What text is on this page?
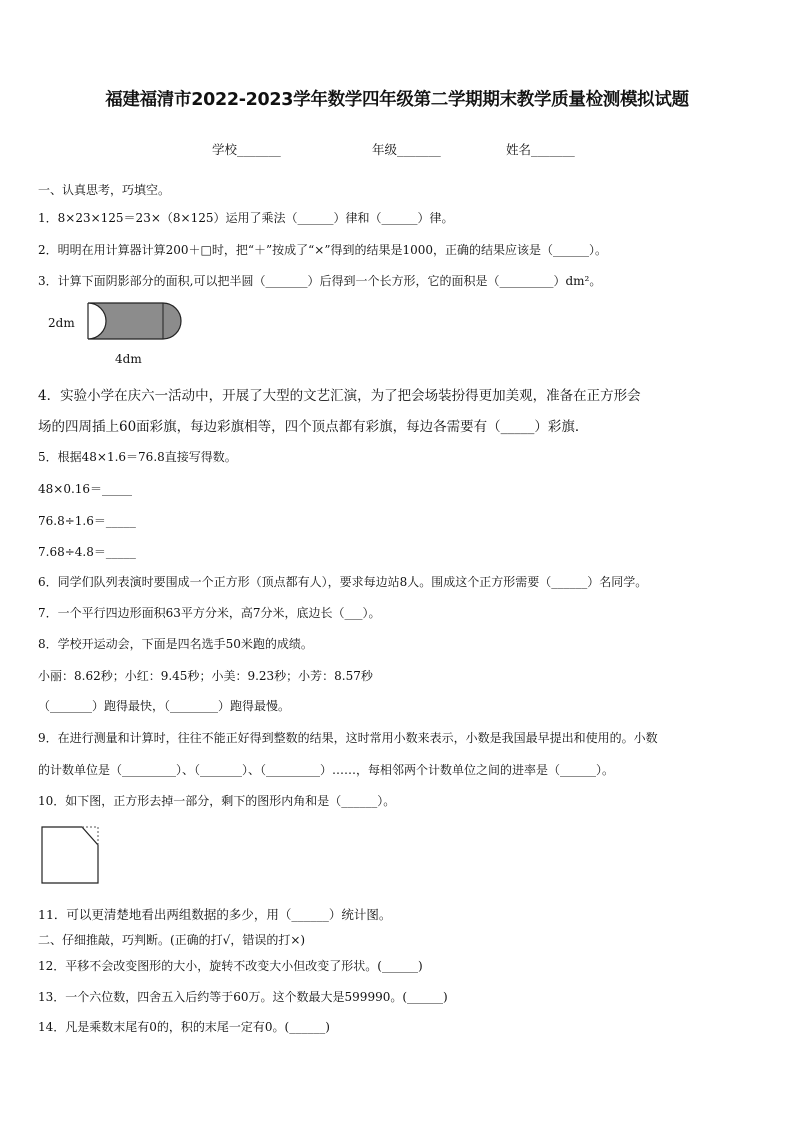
福建福清市2022-2023学年数学四年级第二学期期末教学质量检测模拟试题
学校_______	年级_______	姓名_______
一、认真思考，巧填空。
1．8×23×125＝23×（8×125）运用了乘法（______）律和（______）律。
2．明明在用计算器计算200＋□时，把“＋”按成了“×”得到的结果是1000，正确的结果应该是（______）。
3．计算下面阴影部分的面积,可以把半圆（_______）后得到一个长方形，它的面积是（_________）dm²。
2dm
4dm
4．实验小学在庆六一活动中，开展了大型的文艺汇演，为了把会场装扮得更加美观，准备在正方形会
场的四周插上60面彩旗，每边彩旗相等，四个顶点都有彩旗，每边各需要有（_____）彩旗．
5．根据48×1.6＝76.8直接写得数。
48×0.16＝_____
76.8÷1.6＝_____
7.68÷4.8＝_____
6．同学们队列表演时要围成一个正方形（顶点都有人），要求每边站8人。围成这个正方形需要（______）名同学。
7．一个平行四边形面积63平方分米，高7分米，底边长（___）。
8．学校开运动会，下面是四名选手50米跑的成绩。
小丽：8.62秒；小红：9.45秒；小美：9.23秒；小芳：8.57秒
（_______）跑得最快，（________）跑得最慢。
9．在进行测量和计算时，往往不能正好得到整数的结果，这时常用小数来表示，小数是我国最早提出和使用的。小数
的计数单位是（_________）、（_______）、（_________）……，每相邻两个计数单位之间的进率是（______）。
10．如下图，正方形去掉一部分，剩下的图形内角和是（______）。
11．可以更清楚地看出两组数据的多少，用（______）统计图。
二、仔细推敲，巧判断。(正确的打√，错误的打×)
12．平移不会改变图形的大小，旋转不改变大小但改变了形状。(______)
13．一个六位数，四舍五入后约等于60万。这个数最大是599990。(______)
14．凡是乘数末尾有0的，积的末尾一定有0。(______)
